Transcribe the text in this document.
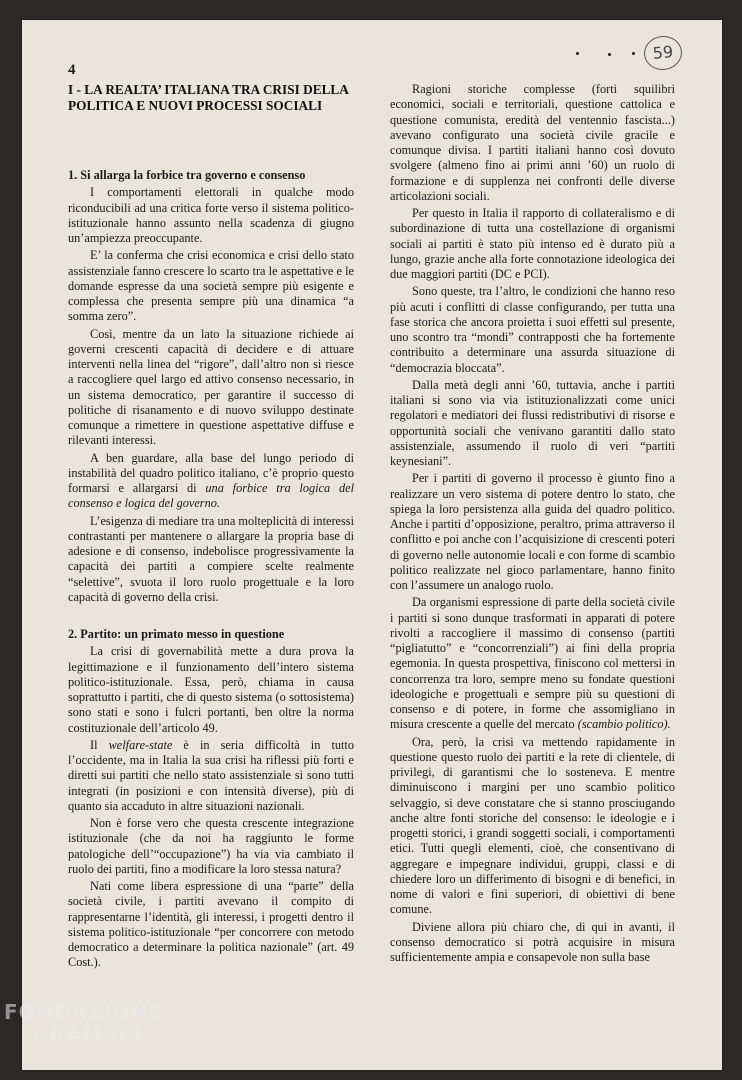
59
4
I - LA REALTA’ ITALIANA TRA CRISI DELLA POLITICA E NUOVI PROCESSI SOCIALI

1. Si allarga la forbice tra governo e consenso

I comportamenti elettorali in qualche modo riconducibili ad una critica forte verso il sistema politico-istituzionale hanno assunto nella scadenza di giugno un’ampiezza preoccupante.

E’ la conferma che crisi economica e crisi dello stato assistenziale fanno crescere lo scarto tra le aspettative e le domande espresse da una società sempre più esigente e complessa che presenta sempre più una dinamica “a somma zero”.

Così, mentre da un lato la situazione richiede ai governi crescenti capacità di decidere e di attuare interventi nella linea del “rigore”, dall’altro non si riesce a raccogliere quel largo ed attivo consenso necessario, in un sistema democratico, per garantire il successo di politiche di risanamento e di nuovo sviluppo destinate comunque a rimettere in questione aspettative diffuse e rilevanti interessi.

A ben guardare, alla base del lungo periodo di instabilità del quadro politico italiano, c’è proprio questo formarsi e allargarsi di una forbice tra logica del consenso e logica del governo.

L’esigenza di mediare tra una molteplicità di interessi contrastanti per mantenere o allargare la propria base di adesione e di consenso, indebolisce progressivamente la capacità dei partiti a compiere scelte realmente “selettive”, svuota il loro ruolo progettuale e la loro capacità di governo della crisi.

2. Partito: un primato messo in questione

La crisi di governabilità mette a dura prova la legittimazione e il funzionamento dell’intero sistema politico-istituzionale. Essa, però, chiama in causa soprattutto i partiti, che di questo sistema (o sottosistema) sono stati e sono i fulcri portanti, ben oltre la norma costituzionale dell’articolo 49.

Il welfare-state è in seria difficoltà in tutto l’occidente, ma in Italia la sua crisi ha riflessi più forti e diretti sui partiti che nello stato assistenziale si sono tutti integrati (in posizioni e con intensità diverse), più di quanto sia accaduto in altre situazioni nazionali.

Non è forse vero che questa crescente integrazione istituzionale (che da noi ha raggiunto le forme patologiche dell’“occupazione”) ha via via cambiato il ruolo dei partiti, fino a modificare la loro stessa natura?

Nati come libera espressione di una “parte” della società civile, i partiti avevano il compito di rappresentarne l’identità, gli interessi, i progetti dentro il sistema politico-istituzionale “per concorrere con metodo democratico a determinare la politica nazionale” (art. 49 Cost.).

Ragioni storiche complesse (forti squilibri economici, sociali e territoriali, questione cattolica e questione comunista, eredità del ventennio fascista...) avevano configurato una società civile gracile e comunque divisa. I partiti italiani hanno così dovuto svolgere (almeno fino ai primi anni ’60) un ruolo di formazione e di supplenza nei confronti delle diverse articolazioni sociali.

Per questo in Italia il rapporto di collateralismo e di subordinazione di tutta una costellazione di organismi sociali ai partiti è stato più intenso ed è durato più a lungo, grazie anche alla forte connotazione ideologica dei due maggiori partiti (DC e PCI).

Sono queste, tra l’altro, le condizioni che hanno reso più acuti i conflitti di classe configurando, per tutta una fase storica che ancora proietta i suoi effetti sul presente, uno scontro tra “mondi” contrapposti che ha fortemente contribuito a determinare una assurda situazione di “democrazia bloccata”.

Dalla metà degli anni ’60, tuttavia, anche i partiti italiani si sono via via istituzionalizzati come unici regolatori e mediatori dei flussi redistributivi di risorse e opportunità sociali che venivano garantiti dallo stato assistenziale, assumendo il ruolo di veri “partiti keynesiani”.

Per i partiti di governo il processo è giunto fino a realizzare un vero sistema di potere dentro lo stato, che spiega la loro persistenza alla guida del quadro politico. Anche i partiti d’opposizione, peraltro, prima attraverso il conflitto e poi anche con l’acquisizione di crescenti poteri di governo nelle autonomie locali e con forme di scambio politico realizzate nel gioco parlamentare, hanno finito con l’assumere un analogo ruolo.

Da organismi espressione di parte della società civile i partiti si sono dunque trasformati in apparati di potere rivolti a raccogliere il massimo di consenso (partiti “pigliatutto” e “concorrenziali”) ai fini della propria egemonia. In questa prospettiva, finiscono col mettersi in concorrenza tra loro, sempre meno su fondate questioni ideologiche e progettuali e sempre più su questioni di consenso e di potere, in forme che assomigliano in misura crescente a quelle del mercato (scambio politico).

Ora, però, la crisi va mettendo rapidamente in questione questo ruolo dei partiti e la rete di clientele, di privilegi, di garantismi che lo sosteneva. E mentre diminuiscono i margini per uno scambio politico selvaggio, si deve constatare che si stanno prosciugando anche altre fonti storiche del consenso: le ideologie e i progetti storici, i grandi soggetti sociali, i comportamenti etici. Tutti quegli elementi, cioè, che consentivano di aggregare e impegnare individui, gruppi, classi e di chiedere loro un differimento di bisogni e di benefici, in nome di valori e fini superiori, di obiettivi di bene comune.

Diviene allora più chiaro che, di qui in avanti, il consenso democratico si potrà acquisire in misura sufficientemente ampia e consapevole non sulla base

FONDAZIONE
GRAMSCI onlus
